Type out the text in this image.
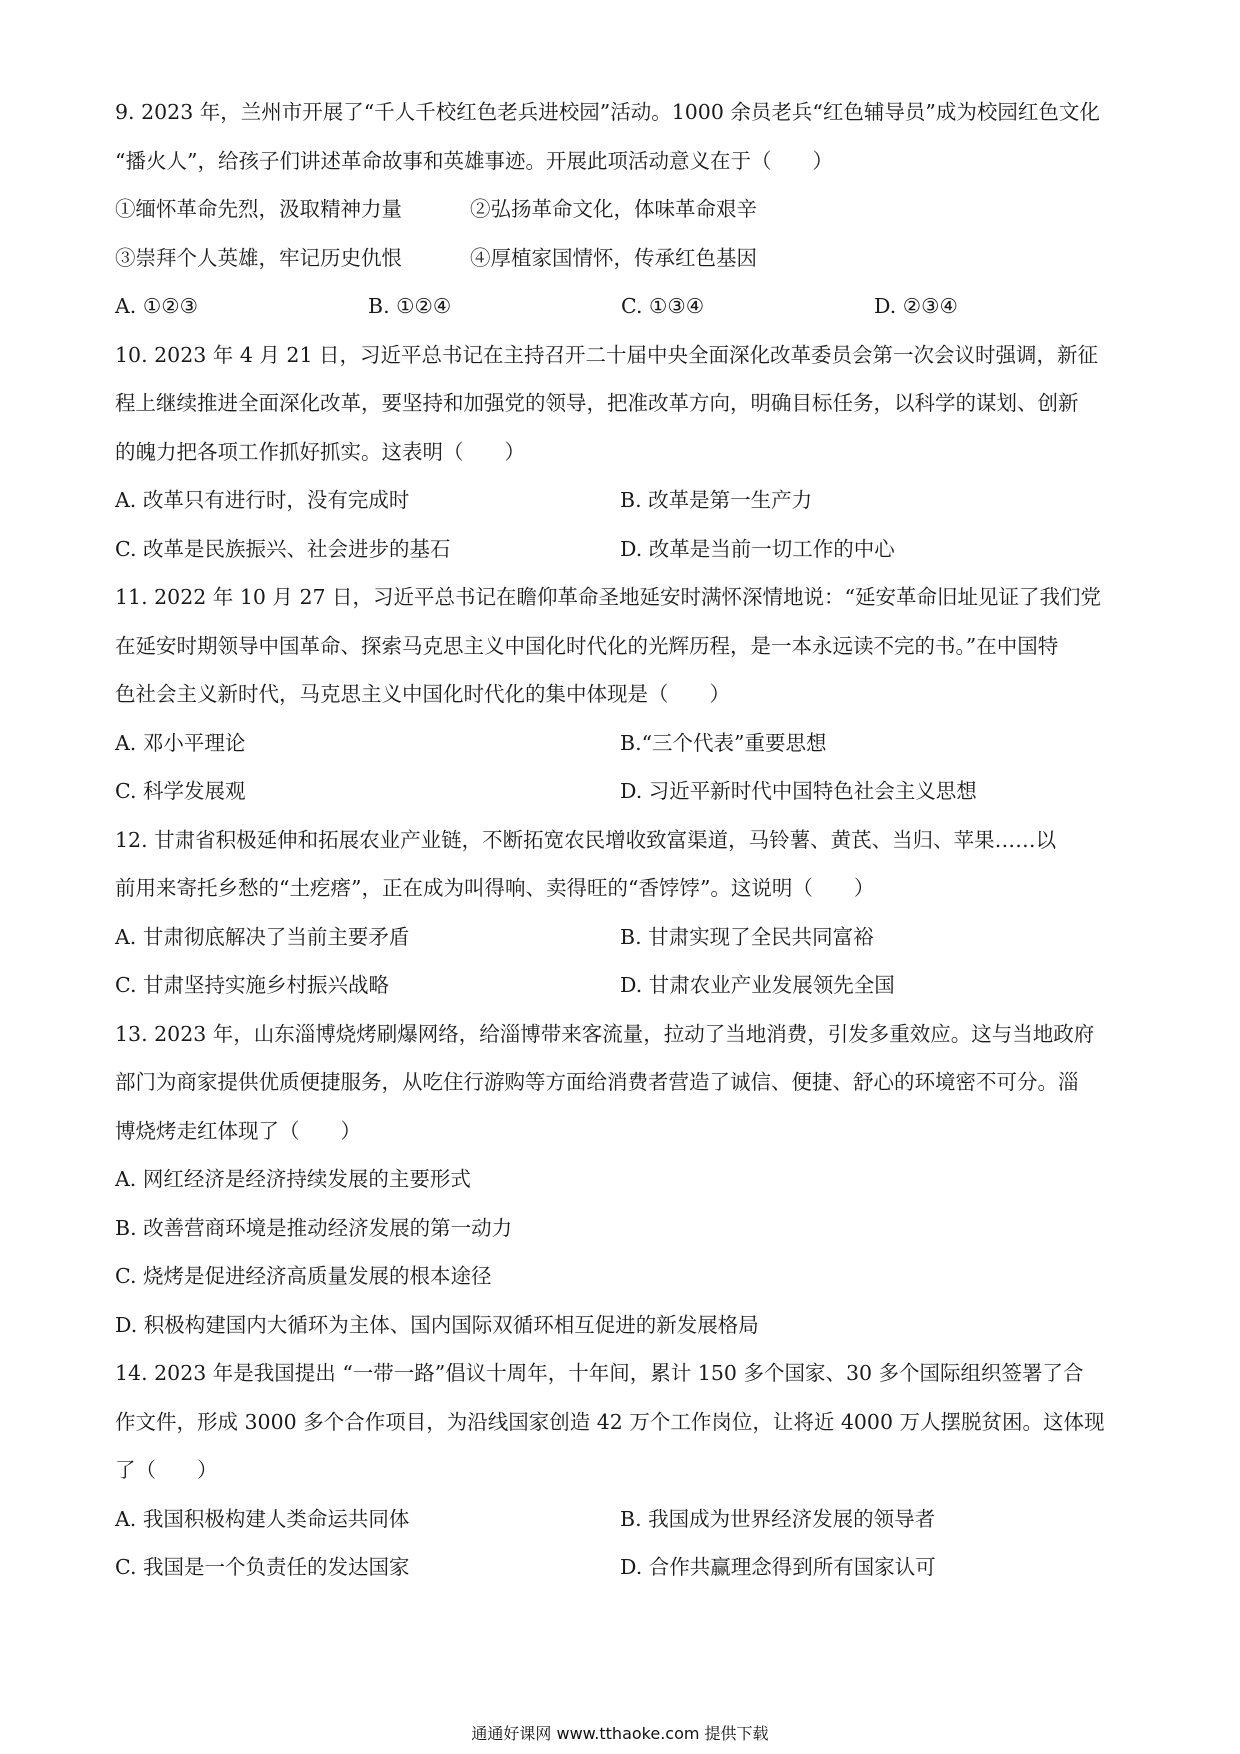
9. 2023 年，兰州市开展了“千人千校红色老兵进校园”活动。1000 余员老兵“红色辅导员”成为校园红色文化
“播火人”，给孩子们讲述革命故事和英雄事迹。开展此项活动意义在于（　　）
①缅怀革命先烈，汲取精神力量	②弘扬革命文化，体味革命艰辛
③崇拜个人英雄，牢记历史仇恨	④厚植家国情怀，传承红色基因
A. ①②③	B. ①②④	C. ①③④	D. ②③④
10. 2023 年 4 月 21 日，习近平总书记在主持召开二十届中央全面深化改革委员会第一次会议时强调，新征
程上继续推进全面深化改革，要坚持和加强党的领导，把准改革方向，明确目标任务，以科学的谋划、创新
的魄力把各项工作抓好抓实。这表明（　　）
A. 改革只有进行时，没有完成时	B. 改革是第一生产力
C. 改革是民族振兴、社会进步的基石	D. 改革是当前一切工作的中心
11. 2022 年 10 月 27 日，习近平总书记在瞻仰革命圣地延安时满怀深情地说：“延安革命旧址见证了我们党
在延安时期领导中国革命、探索马克思主义中国化时代化的光辉历程，是一本永远读不完的书。”在中国特
色社会主义新时代，马克思主义中国化时代化的集中体现是（　　）
A. 邓小平理论	B.“三个代表”重要思想
C. 科学发展观	D. 习近平新时代中国特色社会主义思想
12. 甘肃省积极延伸和拓展农业产业链，不断拓宽农民增收致富渠道，马铃薯、黄芪、当归、苹果……以
前用来寄托乡愁的“土疙瘩”，正在成为叫得响、卖得旺的“香饽饽”。这说明（　　）
A. 甘肃彻底解决了当前主要矛盾	B. 甘肃实现了全民共同富裕
C. 甘肃坚持实施乡村振兴战略	D. 甘肃农业产业发展领先全国
13. 2023 年，山东淄博烧烤刷爆网络，给淄博带来客流量，拉动了当地消费，引发多重效应。这与当地政府
部门为商家提供优质便捷服务，从吃住行游购等方面给消费者营造了诚信、便捷、舒心的环境密不可分。淄
博烧烤走红体现了（　　）
A. 网红经济是经济持续发展的主要形式
B. 改善营商环境是推动经济发展的第一动力
C. 烧烤是促进经济高质量发展的根本途径
D. 积极构建国内大循环为主体、国内国际双循环相互促进的新发展格局
14. 2023 年是我国提出 “一带一路”倡议十周年，十年间，累计 150 多个国家、30 多个国际组织签署了合
作文件，形成 3000 多个合作项目，为沿线国家创造 42 万个工作岗位，让将近 4000 万人摆脱贫困。这体现
了（　　）
A. 我国积极构建人类命运共同体	B. 我国成为世界经济发展的领导者
C. 我国是一个负责任的发达国家	D. 合作共赢理念得到所有国家认可
通通好课网 www.tthaoke.com 提供下载
